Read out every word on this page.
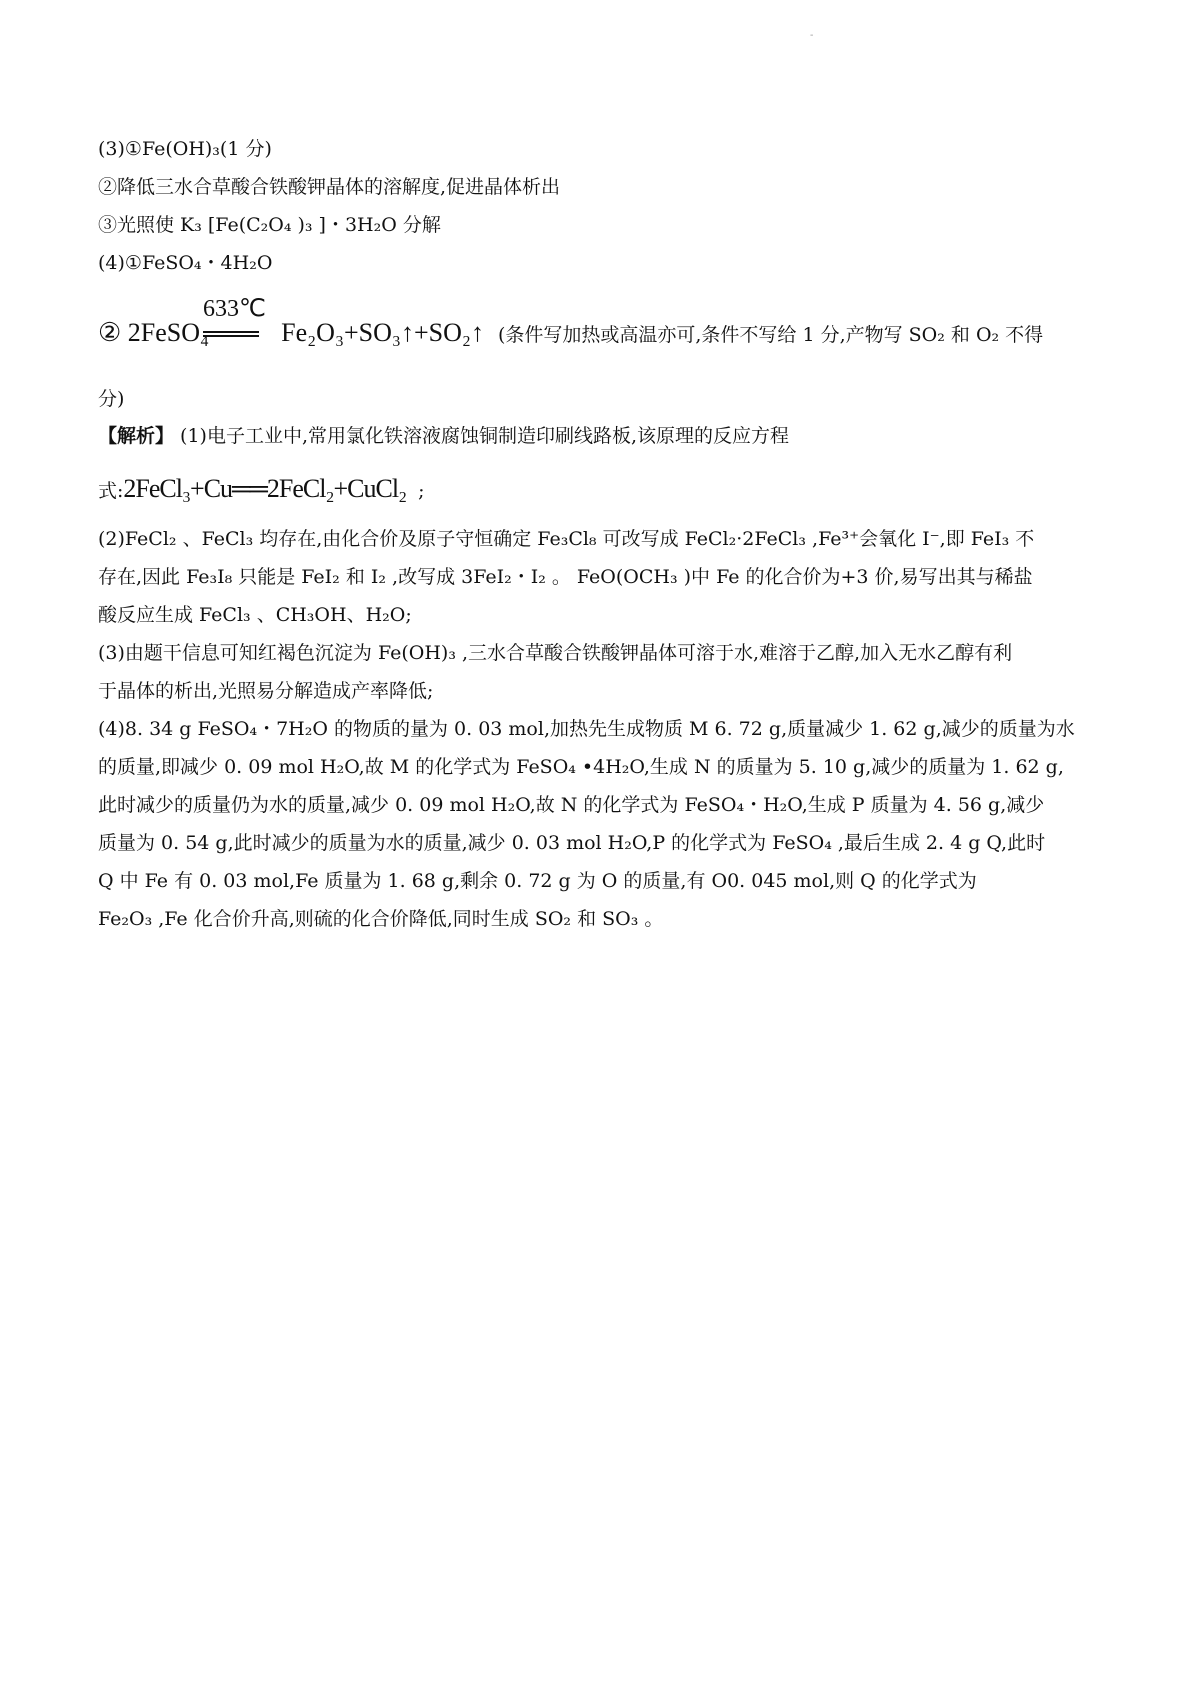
-
(3)①Fe(OH)₃(1 分)
②降低三水合草酸合铁酸钾晶体的溶解度,促进晶体析出
③光照使 K₃ [Fe(C₂O₄ )₃ ]・3H₂O 分解
(4)①FeSO₄・4H₂O
633℃
② 2FeSO₄	Fe₂O₃+SO₃↑+SO₂↑ (条件写加热或高温亦可,条件不写给 1 分,产物写 SO₂ 和 O₂ 不得
分)
【解析】 (1)电子工业中,常用氯化铁溶液腐蚀铜制造印刷线路板,该原理的反应方程
式:2FeCl₃+Cu══2FeCl₂+CuCl₂ ;
(2)FeCl₂ 、FeCl₃ 均存在,由化合价及原子守恒确定 Fe₃Cl₈ 可改写成 FeCl₂·2FeCl₃ ,Fe³⁺会氧化 I⁻,即 FeI₃ 不
存在,因此 Fe₃I₈ 只能是 FeI₂ 和 I₂ ,改写成 3FeI₂・I₂ 。 FeO(OCH₃ )中 Fe 的化合价为+3 价,易写出其与稀盐
酸反应生成 FeCl₃ 、CH₃OH、H₂O;
(3)由题干信息可知红褐色沉淀为 Fe(OH)₃ ,三水合草酸合铁酸钾晶体可溶于水,难溶于乙醇,加入无水乙醇有利
于晶体的析出,光照易分解造成产率降低;
(4)8. 34 g FeSO₄・7H₂O 的物质的量为 0. 03 mol,加热先生成物质 M 6. 72 g,质量减少 1. 62 g,减少的质量为水
的质量,即减少 0. 09 mol H₂O,故 M 的化学式为 FeSO₄ •4H₂O,生成 N 的质量为 5. 10 g,减少的质量为 1. 62 g,
此时减少的质量仍为水的质量,减少 0. 09 mol H₂O,故 N 的化学式为 FeSO₄・H₂O,生成 P 质量为 4. 56 g,减少
质量为 0. 54 g,此时减少的质量为水的质量,减少 0. 03 mol H₂O,P 的化学式为 FeSO₄ ,最后生成 2. 4 g Q,此时
Q 中 Fe 有 0. 03 mol,Fe 质量为 1. 68 g,剩余 0. 72 g 为 O 的质量,有 O0. 045 mol,则 Q 的化学式为
Fe₂O₃ ,Fe 化合价升高,则硫的化合价降低,同时生成 SO₂ 和 SO₃ 。
